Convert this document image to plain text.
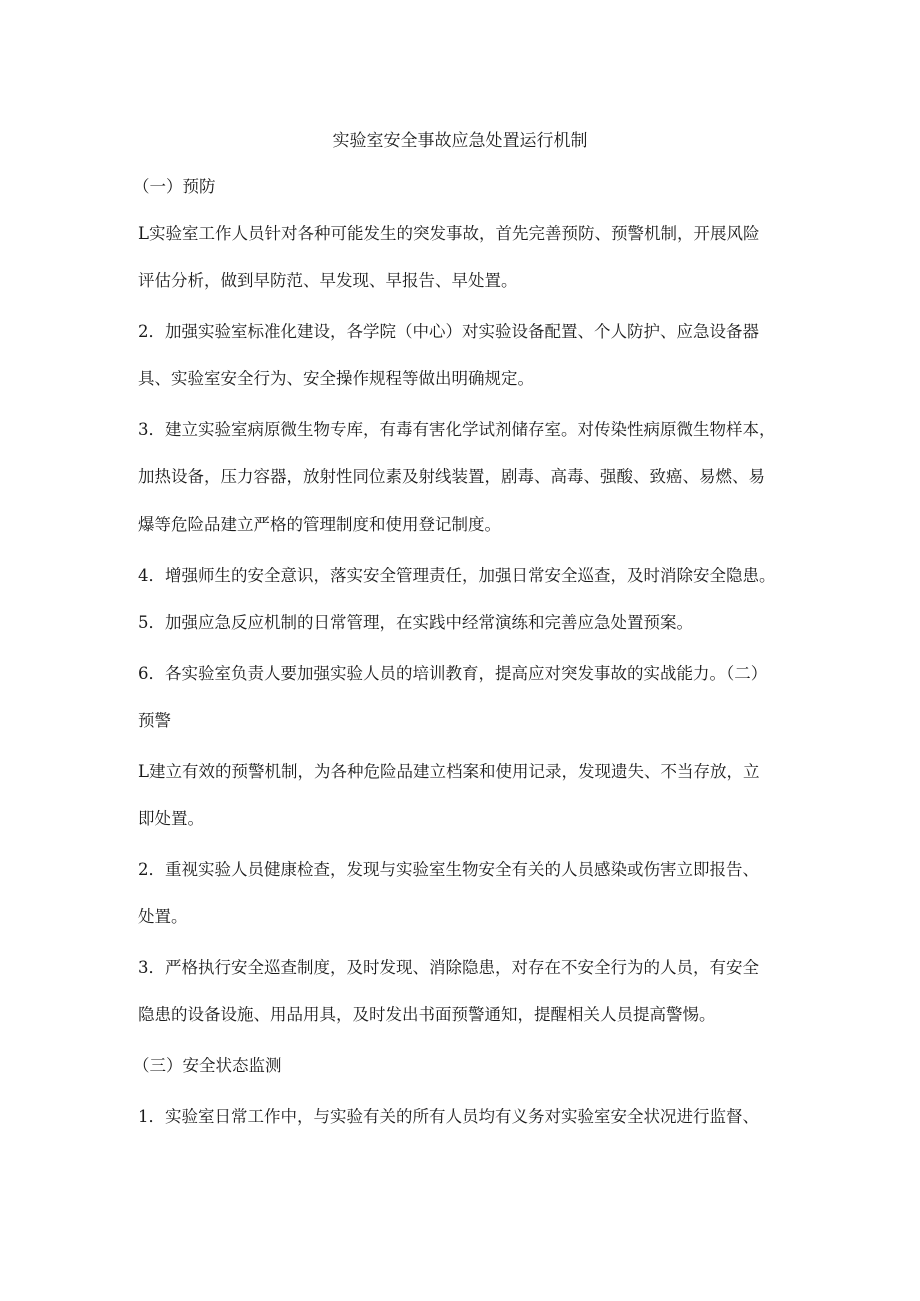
实验室安全事故应急处置运行机制
（一）预防
L实验室工作人员针对各种可能发生的突发事故，首先完善预防、预警机制，开展风险
评估分析，做到早防范、早发现、早报告、早处置。
2．加强实验室标准化建设，各学院（中心）对实验设备配置、个人防护、应急设备器
具、实验室安全行为、安全操作规程等做出明确规定。
3．建立实验室病原微生物专库，有毒有害化学试剂储存室。对传染性病原微生物样本，
加热设备，压力容器，放射性同位素及射线装置，剧毒、高毒、强酸、致癌、易燃、易
爆等危险品建立严格的管理制度和使用登记制度。
4．增强师生的安全意识，落实安全管理责任，加强日常安全巡查，及时消除安全隐患。
5．加强应急反应机制的日常管理，在实践中经常演练和完善应急处置预案。
6．各实验室负责人要加强实验人员的培训教育，提高应对突发事故的实战能力。（二）
预警
L建立有效的预警机制，为各种危险品建立档案和使用记录，发现遗失、不当存放，立
即处置。
2．重视实验人员健康检查，发现与实验室生物安全有关的人员感染或伤害立即报告、
处置。
3．严格执行安全巡查制度，及时发现、消除隐患，对存在不安全行为的人员，有安全
隐患的设备设施、用品用具，及时发出书面预警通知，提醒相关人员提高警惕。
（三）安全状态监测
1．实验室日常工作中，与实验有关的所有人员均有义务对实验室安全状况进行监督、
